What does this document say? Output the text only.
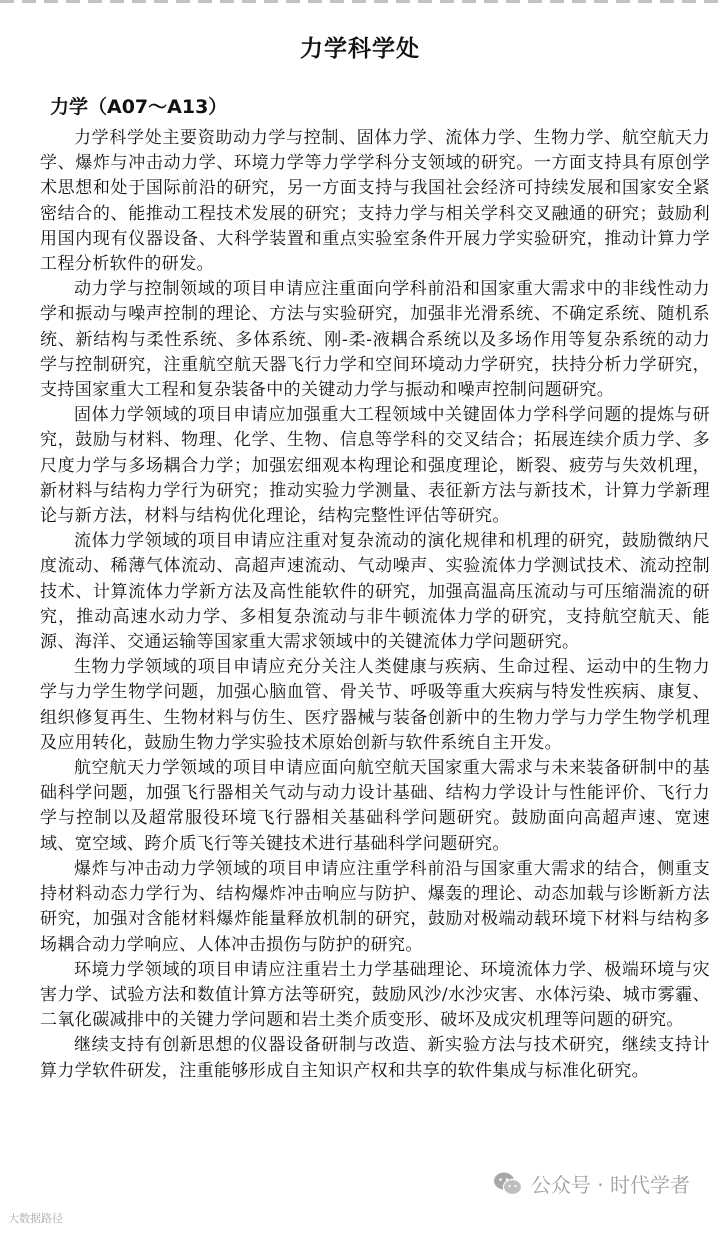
力学科学处
力学（A07～A13）

力学科学处主要资助动力学与控制、固体力学、流体力学、生物力学、航空航天力学、爆炸与冲击动力学、环境力学等力学学科分支领域的研究。一方面支持具有原创学术思想和处于国际前沿的研究，另一方面支持与我国社会经济可持续发展和国家安全紧密结合的、能推动工程技术发展的研究；支持力学与相关学科交叉融通的研究；鼓励利用国内现有仪器设备、大科学装置和重点实验室条件开展力学实验研究，推动计算力学工程分析软件的研发。

动力学与控制领域的项目申请应注重面向学科前沿和国家重大需求中的非线性动力学和振动与噪声控制的理论、方法与实验研究，加强非光滑系统、不确定系统、随机系统、新结构与柔性系统、多体系统、刚-柔-液耦合系统以及多场作用等复杂系统的动力学与控制研究，注重航空航天器飞行力学和空间环境动力学研究，扶持分析力学研究，支持国家重大工程和复杂装备中的关键动力学与振动和噪声控制问题研究。

固体力学领域的项目申请应加强重大工程领域中关键固体力学科学问题的提炼与研究，鼓励与材料、物理、化学、生物、信息等学科的交叉结合；拓展连续介质力学、多尺度力学与多场耦合力学；加强宏细观本构理论和强度理论，断裂、疲劳与失效机理，新材料与结构力学行为研究；推动实验力学测量、表征新方法与新技术，计算力学新理论与新方法，材料与结构优化理论，结构完整性评估等研究。

流体力学领域的项目申请应注重对复杂流动的演化规律和机理的研究，鼓励微纳尺度流动、稀薄气体流动、高超声速流动、气动噪声、实验流体力学测试技术、流动控制技术、计算流体力学新方法及高性能软件的研究，加强高温高压流动与可压缩湍流的研究，推动高速水动力学、多相复杂流动与非牛顿流体力学的研究，支持航空航天、能源、海洋、交通运输等国家重大需求领域中的关键流体力学问题研究。

生物力学领域的项目申请应充分关注人类健康与疾病、生命过程、运动中的生物力学与力学生物学问题，加强心脑血管、骨关节、呼吸等重大疾病与特发性疾病、康复、组织修复再生、生物材料与仿生、医疗器械与装备创新中的生物力学与力学生物学机理及应用转化，鼓励生物力学实验技术原始创新与软件系统自主开发。

航空航天力学领域的项目申请应面向航空航天国家重大需求与未来装备研制中的基础科学问题，加强飞行器相关气动与动力设计基础、结构力学设计与性能评价、飞行力学与控制以及超常服役环境飞行器相关基础科学问题研究。鼓励面向高超声速、宽速域、宽空域、跨介质飞行等关键技术进行基础科学问题研究。

爆炸与冲击动力学领域的项目申请应注重学科前沿与国家重大需求的结合，侧重支持材料动态力学行为、结构爆炸冲击响应与防护、爆轰的理论、动态加载与诊断新方法研究，加强对含能材料爆炸能量释放机制的研究，鼓励对极端动载环境下材料与结构多场耦合动力学响应、人体冲击损伤与防护的研究。

环境力学领域的项目申请应注重岩土力学基础理论、环境流体力学、极端环境与灾害力学、试验方法和数值计算方法等研究，鼓励风沙/水沙灾害、水体污染、城市雾霾、二氧化碳减排中的关键力学问题和岩土类介质变形、破坏及成灾机理等问题的研究。

继续支持有创新思想的仪器设备研制与改造、新实验方法与技术研究，继续支持计算力学软件研发，注重能够形成自主知识产权和共享的软件集成与标准化研究。

公众号 · 时代学者
大数据路径
